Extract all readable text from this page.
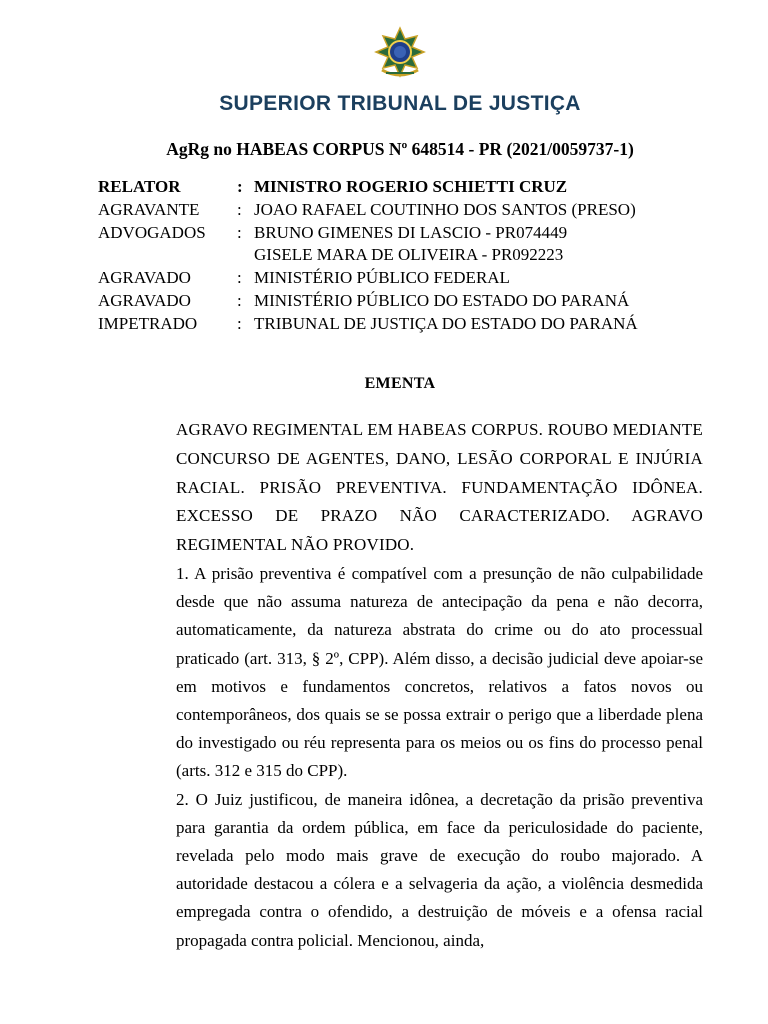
SUPERIOR TRIBUNAL DE JUSTIÇA
AgRg no HABEAS CORPUS Nº 648514 - PR (2021/0059737-1)
RELATOR	: MINISTRO ROGERIO SCHIETTI CRUZ
AGRAVANTE	: JOAO RAFAEL COUTINHO DOS SANTOS (PRESO)
ADVOGADOS	: BRUNO GIMENES DI LASCIO - PR074449
GISELE MARA DE OLIVEIRA - PR092223
AGRAVADO	: MINISTÉRIO PÚBLICO FEDERAL
AGRAVADO	: MINISTÉRIO PÚBLICO DO ESTADO DO PARANÁ
IMPETRADO	: TRIBUNAL DE JUSTIÇA DO ESTADO DO PARANÁ
EMENTA

AGRAVO REGIMENTAL EM HABEAS CORPUS. ROUBO MEDIANTE CONCURSO DE AGENTES, DANO, LESÃO CORPORAL E INJÚRIA RACIAL. PRISÃO PREVENTIVA. FUNDAMENTAÇÃO IDÔNEA. EXCESSO DE PRAZO NÃO CARACTERIZADO. AGRAVO REGIMENTAL NÃO PROVIDO.

1. A prisão preventiva é compatível com a presunção de não culpabilidade desde que não assuma natureza de antecipação da pena e não decorra, automaticamente, da natureza abstrata do crime ou do ato processual praticado (art. 313, § 2º, CPP). Além disso, a decisão judicial deve apoiar-se em motivos e fundamentos concretos, relativos a fatos novos ou contemporâneos, dos quais se se possa extrair o perigo que a liberdade plena do investigado ou réu representa para os meios ou os fins do processo penal (arts. 312 e 315 do CPP).

2. O Juiz justificou, de maneira idônea, a decretação da prisão preventiva para garantia da ordem pública, em face da periculosidade do paciente, revelada pelo modo mais grave de execução do roubo majorado. A autoridade destacou a cólera e a selvageria da ação, a violência desmedida empregada contra o ofendido, a destruição de móveis e a ofensa racial propagada contra policial. Mencionou, ainda,
